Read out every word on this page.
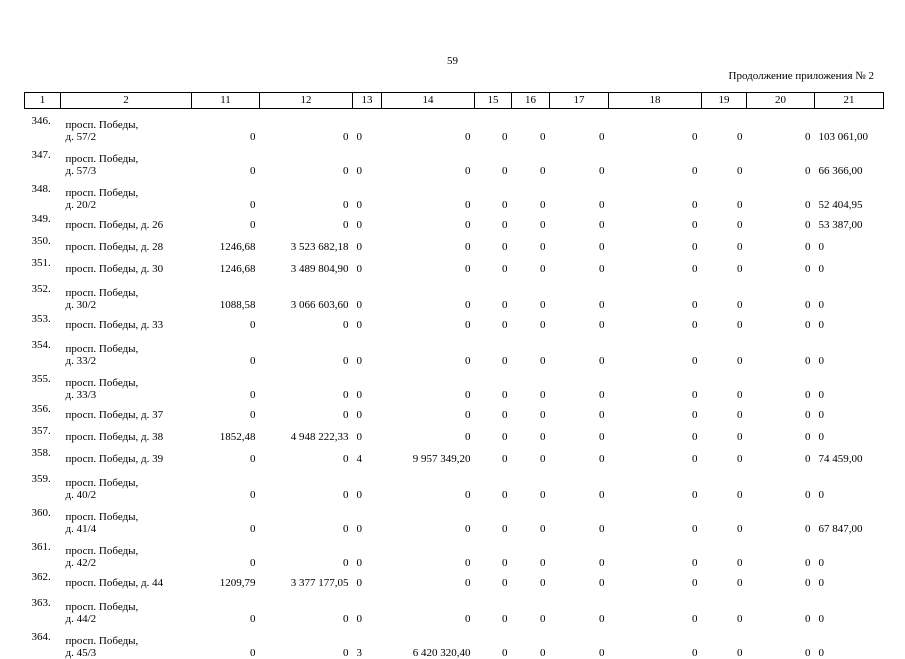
59
Продолжение приложения № 2
1	2	11	12	13	14	15	16	17	18	19	20	21
346.	просп. Победы,
д. 57/2	0	0	0	0	0	0	0	0	0	0	103 061,00
347.	просп. Победы,
д. 57/3	0	0	0	0	0	0	0	0	0	0	66 366,00
348.	просп. Победы,
д. 20/2	0	0	0	0	0	0	0	0	0	0	52 404,95
349.	просп. Победы, д. 26	0	0	0	0	0	0	0	0	0	0	53 387,00
350.	просп. Победы, д. 28	1246,68	3 523 682,18	0	0	0	0	0	0	0	0	0
351.	просп. Победы, д. 30	1246,68	3 489 804,90	0	0	0	0	0	0	0	0	0
352.	просп. Победы,
д. 30/2	1088,58	3 066 603,60	0	0	0	0	0	0	0	0	0
353.	просп. Победы, д. 33	0	0	0	0	0	0	0	0	0	0	0
354.	просп. Победы,
д. 33/2	0	0	0	0	0	0	0	0	0	0	0
355.	просп. Победы,
д. 33/3	0	0	0	0	0	0	0	0	0	0	0
356.	просп. Победы, д. 37	0	0	0	0	0	0	0	0	0	0	0
357.	просп. Победы, д. 38	1852,48	4 948 222,33	0	0	0	0	0	0	0	0	0
358.	просп. Победы, д. 39	0	0	4	9 957 349,20	0	0	0	0	0	0	74 459,00
359.	просп. Победы,
д. 40/2	0	0	0	0	0	0	0	0	0	0	0
360.	просп. Победы,
д. 41/4	0	0	0	0	0	0	0	0	0	0	67 847,00
361.	просп. Победы,
д. 42/2	0	0	0	0	0	0	0	0	0	0	0
362.	просп. Победы, д. 44	1209,79	3 377 177,05	0	0	0	0	0	0	0	0	0
363.	просп. Победы,
д. 44/2	0	0	0	0	0	0	0	0	0	0	0
364.	просп. Победы,
д. 45/3	0	0	3	6 420 320,40	0	0	0	0	0	0	0
